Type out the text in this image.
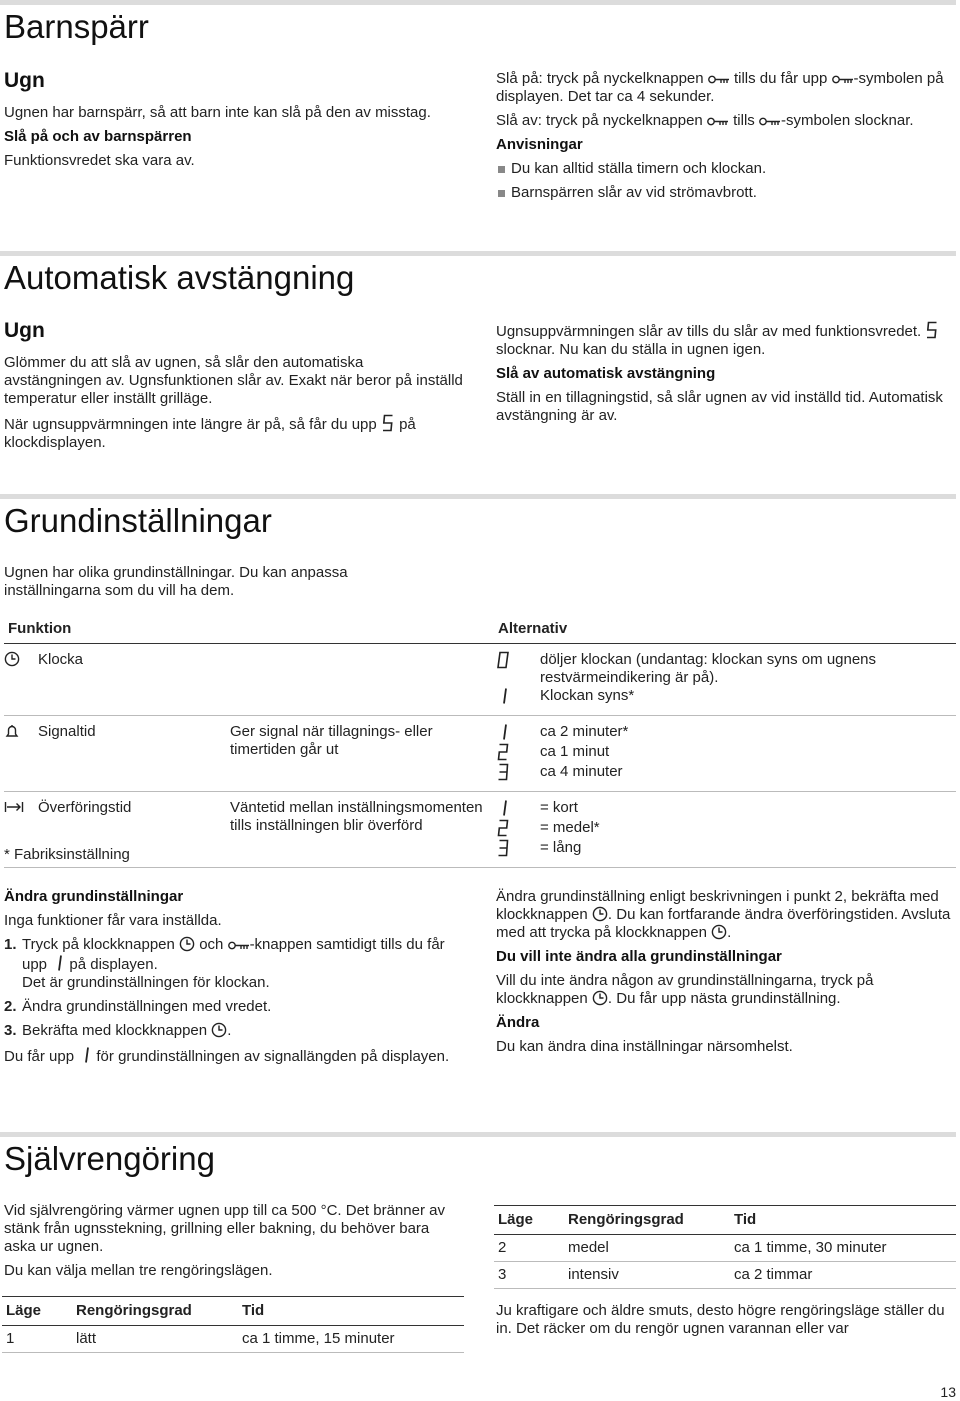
Barnspärr
Ugn

Ugnen har barnspärr, så att barn inte kan slå på den av misstag.

Slå på och av barnspärren

Funktionsvredet ska vara av.

Slå på: tryck på nyckelknappen tills du får upp -symbolen på displayen. Det tar ca 4 sekunder.

Slå av: tryck på nyckelknappen tills -symbolen slocknar.

Anvisningar
Du kan alltid ställa timern och klockan.
Barnspärren slår av vid strömavbrott.
Automatisk avstängning
Ugn

Glömmer du att slå av ugnen, så slår den automatiska avstängningen av. Ugnsfunktionen slår av. Exakt när beror på inställd temperatur eller inställt grilläge.

När ugnsuppvärmningen inte längre är på, så får du upp på klockdisplayen.

Ugnsuppvärmningen slår av tills du slår av med funktionsvredet.  slocknar. Nu kan du ställa in ugnen igen.

Slå av automatisk avstängning

Ställ in en tillagningstid, så slår ugnen av vid inställd tid. Automatisk avstängning är av.

Grundinställningar

Ugnen har olika grundinställningar. Du kan anpassa inställningarna som du vill ha dem.

Funktion			Alternativ
	Klocka		döljer klockan (undantag: klockan syns om ugnens restvärmeindikering är på).
Klockan syns*

	Signaltid	Ger signal när tillagnings- eller timertiden går ut	ca 2 minuter*
ca 1 minut
ca 4 minuter

	Överföringstid	Väntetid mellan inställningsmomenten tills inställningen blir överförd	= kort
= medel*
= lång

* Fabriksinställning

Ändra grundinställningar

Inga funktioner får vara inställda.

1. Tryck på klockknappen och -knappen samtidigt tills du får upp på displayen.
Det är grundinställningen för klockan.
2. Ändra grundinställningen med vredet.
3. Bekräfta med klockknappen .

Du får upp för grundinställningen av signallängden på displayen.

Ändra grundinställning enligt beskrivningen i punkt 2, bekräfta med klockknappen . Du kan fortfarande ändra överföringstiden. Avsluta med att trycka på klockknappen .

Du vill inte ändra alla grundinställningar

Vill du inte ändra någon av grundinställningarna, tryck på klockknappen . Du får upp nästa grundinställning.

Ändra

Du kan ändra dina inställningar närsomhelst.

Självrengöring

Vid självrengöring värmer ugnen upp till ca 500 °C. Det bränner av stänk från ugnsstekning, grillning eller bakning, du behöver bara aska ur ugnen.

Du kan välja mellan tre rengöringslägen.

Läge	Rengöringsgrad	Tid
1	lätt	ca 1 timme, 15 minuter
Läge	Rengöringsgrad	Tid
2	medel	ca 1 timme, 30 minuter
3	intensiv	ca 2 timmar

Ju kraftigare och äldre smuts, desto högre rengöringsläge ställer du in. Det räcker om du rengör ugnen varannan eller var

13
